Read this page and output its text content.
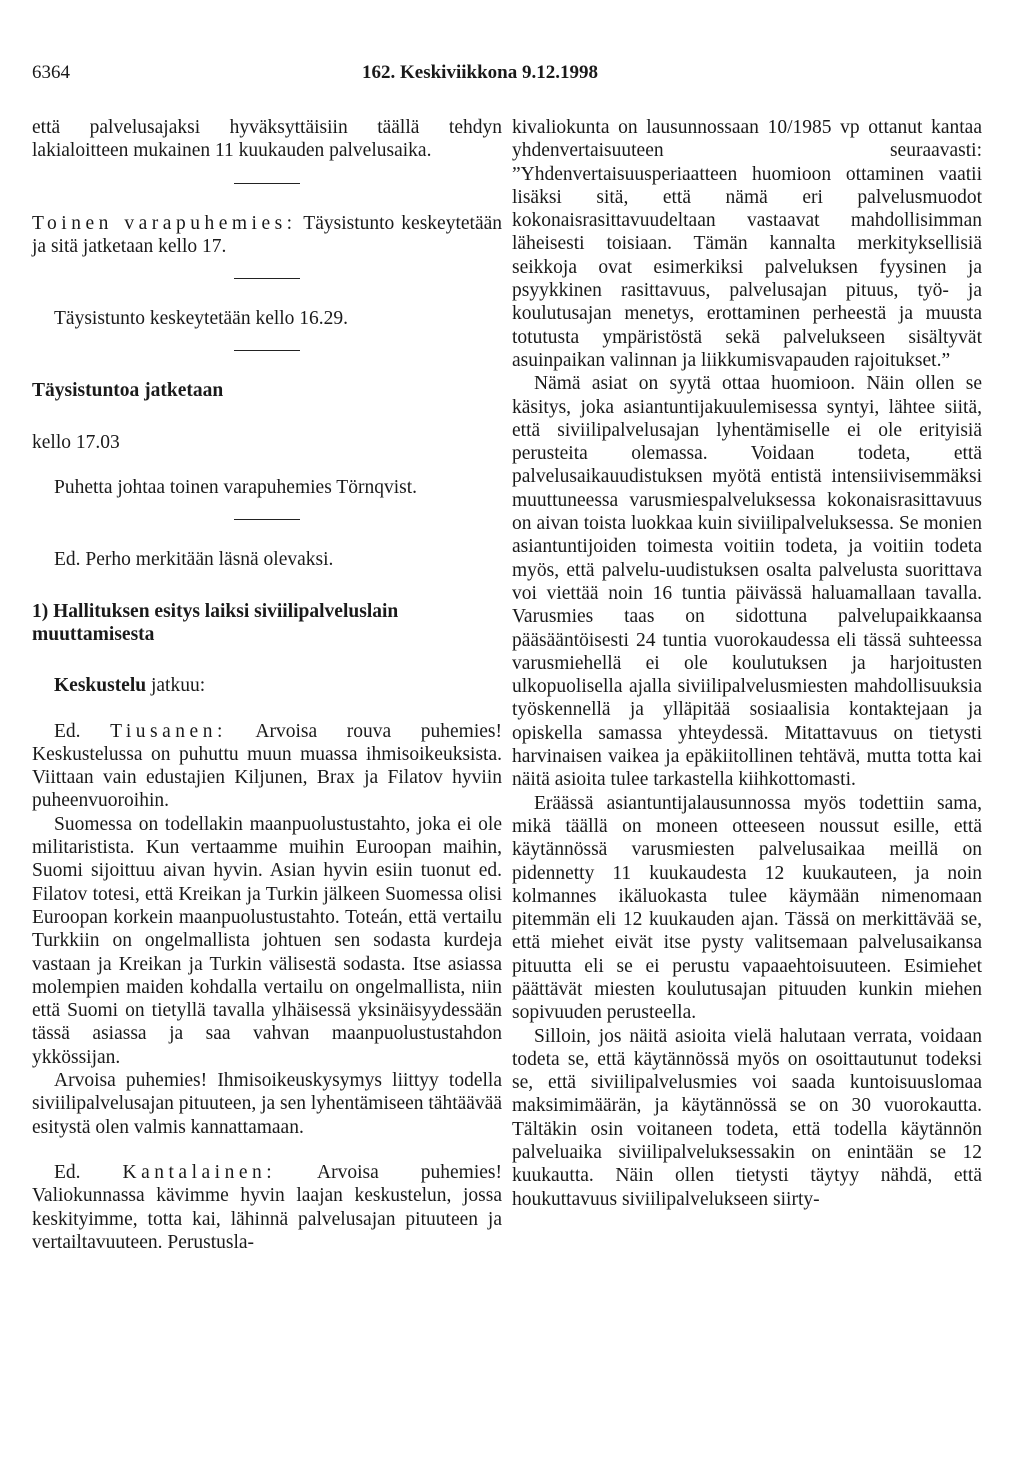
6364	162. Keskiviikkona 9.12.1998

että palvelusajaksi hyväksyttäisiin täällä tehdyn lakialoitteen mukainen 11 kuukauden palvelusaika.

Toinen varapuhemies: Täysistunto keskeytetään ja sitä jatketaan kello 17.

Täysistunto keskeytetään kello 16.29.

Täysistuntoa jatketaan

kello 17.03

Puhetta johtaa toinen varapuhemies Törnqvist.

Ed. Perho merkitään läsnä olevaksi.

1) Hallituksen esitys laiksi siviilipalveluslain muuttamisesta

Keskustelu jatkuu:

Ed. Tiusanen: Arvoisa rouva puhemies! Keskustelussa on puhuttu muun muassa ihmisoikeuksista. Viittaan vain edustajien Kiljunen, Brax ja Filatov hyviin puheenvuoroihin.

Suomessa on todellakin maanpuolustustahto, joka ei ole militaristista. Kun vertaamme muihin Euroopan maihin, Suomi sijoittuu aivan hyvin. Asian hyvin esiin tuonut ed. Filatov totesi, että Kreikan ja Turkin jälkeen Suomessa olisi Euroopan korkein maanpuolustustahto. Toteán, että vertailu Turkkiin on ongelmallista johtuen sen sodasta kurdeja vastaan ja Kreikan ja Turkin välisestä sodasta. Itse asiassa molempien maiden kohdalla vertailu on ongelmallista, niin että Suomi on tietyllä tavalla ylhäisessä yksinäisyydessään tässä asiassa ja saa vahvan maanpuolustustahdon ykkössijan.

Arvoisa puhemies! Ihmisoikeuskysymys liittyy todella siviilipalvelusajan pituuteen, ja sen lyhentämiseen tähtäävää esitystä olen valmis kannattamaan.

Ed. Kantalainen: Arvoisa puhemies! Valiokunnassa kävimme hyvin laajan keskustelun, jossa keskityimme, totta kai, lähinnä palvelusajan pituuteen ja vertailtavuuteen. Perustusla-

kivaliokunta on lausunnossaan 10/1985 vp ottanut kantaa yhdenvertaisuuteen seuraavasti: ”Yhdenvertaisuusperiaatteen huomioon ottaminen vaatii lisäksi sitä, että nämä eri palvelusmuodot kokonaisrasittavuudeltaan vastaavat mahdollisimman läheisesti toisiaan. Tämän kannalta merkityksellisiä seikkoja ovat esimerkiksi palveluksen fyysinen ja psyykkinen rasittavuus, palvelusajan pituus, työ- ja koulutusajan menetys, erottaminen perheestä ja muusta totutusta ympäristöstä sekä palvelukseen sisältyvät asuinpaikan valinnan ja liikkumisvapauden rajoitukset.”

Nämä asiat on syytä ottaa huomioon. Näin ollen se käsitys, joka asiantuntijakuulemisessa syntyi, lähtee siitä, että siviilipalvelusajan lyhentämiselle ei ole erityisiä perusteita olemassa. Voidaan todeta, että palvelusaikauudistuksen myötä entistä intensiivisemmäksi muuttuneessa varusmiespalveluksessa kokonaisrasittavuus on aivan toista luokkaa kuin siviilipalveluksessa. Se monien asiantuntijoiden toimesta voitiin todeta, ja voitiin todeta myös, että palvelu-uudistuksen osalta palvelusta suorittava voi viettää noin 16 tuntia päivässä haluamallaan tavalla. Varusmies taas on sidottuna palvelupaikkaansa pääsääntöisesti 24 tuntia vuorokaudessa eli tässä suhteessa varusmiehellä ei ole koulutuksen ja harjoitusten ulkopuolisella ajalla siviilipalvelusmiesten mahdollisuuksia työskennellä ja ylläpitää sosiaalisia kontaktejaan ja opiskella samassa yhteydessä. Mitattavuus on tietysti harvinaisen vaikea ja epäkiitollinen tehtävä, mutta totta kai näitä asioita tulee tarkastella kiihkottomasti.

Eräässä asiantuntijalausunnossa myös todettiin sama, mikä täällä on moneen otteeseen noussut esille, että käytännössä varusmiesten palvelusaikaa meillä on pidennetty 11 kuukaudesta 12 kuukauteen, ja noin kolmannes ikäluokasta tulee käymään nimenomaan pitemmän eli 12 kuukauden ajan. Tässä on merkittävää se, että miehet eivät itse pysty valitsemaan palvelusaikansa pituutta eli se ei perustu vapaaehtoisuuteen. Esimiehet päättävät miesten koulutusajan pituuden kunkin miehen sopivuuden perusteella.

Silloin, jos näitä asioita vielä halutaan verrata, voidaan todeta se, että käytännössä myös on osoittautunut todeksi se, että siviilipalvelusmies voi saada kuntoisuuslomaa maksimimäärän, ja käytännössä se on 30 vuorokautta. Tältäkin osin voitaneen todeta, että todella käytännön palveluaika siviilipalveluksessakin on enintään se 12 kuukautta. Näin ollen tietysti täytyy nähdä, että houkuttavuus siviilipalvelukseen siirty-
